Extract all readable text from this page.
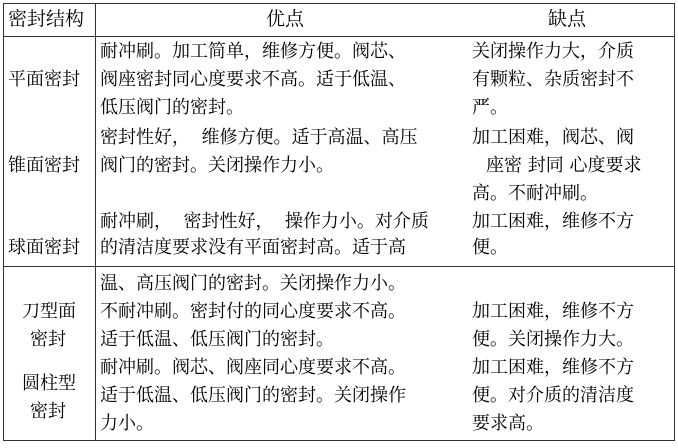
密封结构	优点	缺点
平面密封
耐冲刷。加工简单，维修方便。阀芯、
阀座密封同心度要求不高。适于低温、
低压阀门的密封。
关闭操作力大，介质
有颗粒、杂质密封不
严。
锥面密封
密封性好，  维修方便。适于高温、高压
阀门的密封。关闭操作力小。
加工困难，阀芯、阀
座密 封同 心度要求
高。不耐冲刷。
球面密封
耐冲刷，  密封性好，  操作力小。对介质
的清洁度要求没有平面密封高。适于高
加工困难，维修不方
便。
刀型面
密封
温、高压阀门的密封。关闭操作力小。
不耐冲刷。密封付的同心度要求不高。
适于低温、低压阀门的密封。
加工困难，维修不方
便。关闭操作力大。
圆柱型
密封
耐冲刷。阀芯、阀座同心度要求不高。
适于低温、低压阀门的密封。关闭操作
力小。
加工困难，维修不方
便。对介质的清洁度
要求高。
